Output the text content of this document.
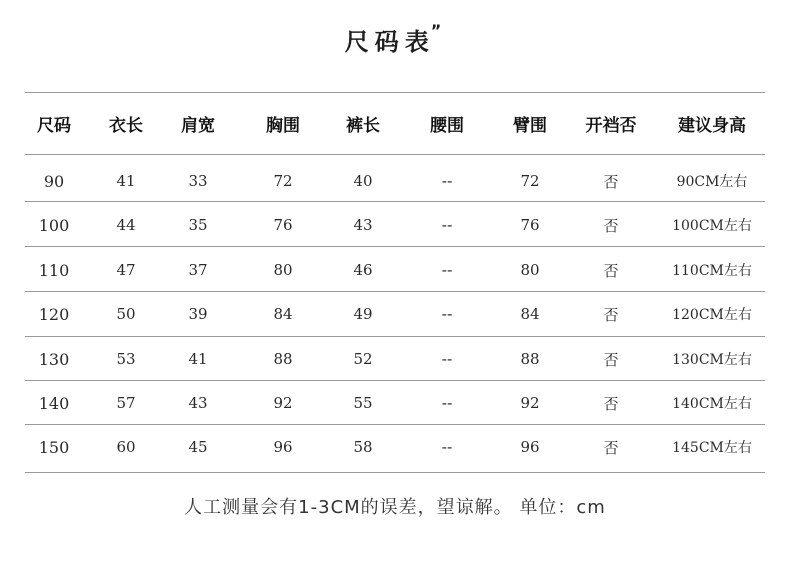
尺码表”
尺码	衣长	肩宽	胸围	裤长	腰围	臂围	开裆否	建议身高
90	41	33	72	40	--	72	否	90CM左右
100	44	35	76	43	--	76	否	100CM左右
110	47	37	80	46	--	80	否	110CM左右
120	50	39	84	49	--	84	否	120CM左右
130	53	41	88	52	--	88	否	130CM左右
140	57	43	92	55	--	92	否	140CM左右
150	60	45	96	58	--	96	否	145CM左右
人工测量会有1-3CM的误差，望谅解。 单位：cm
